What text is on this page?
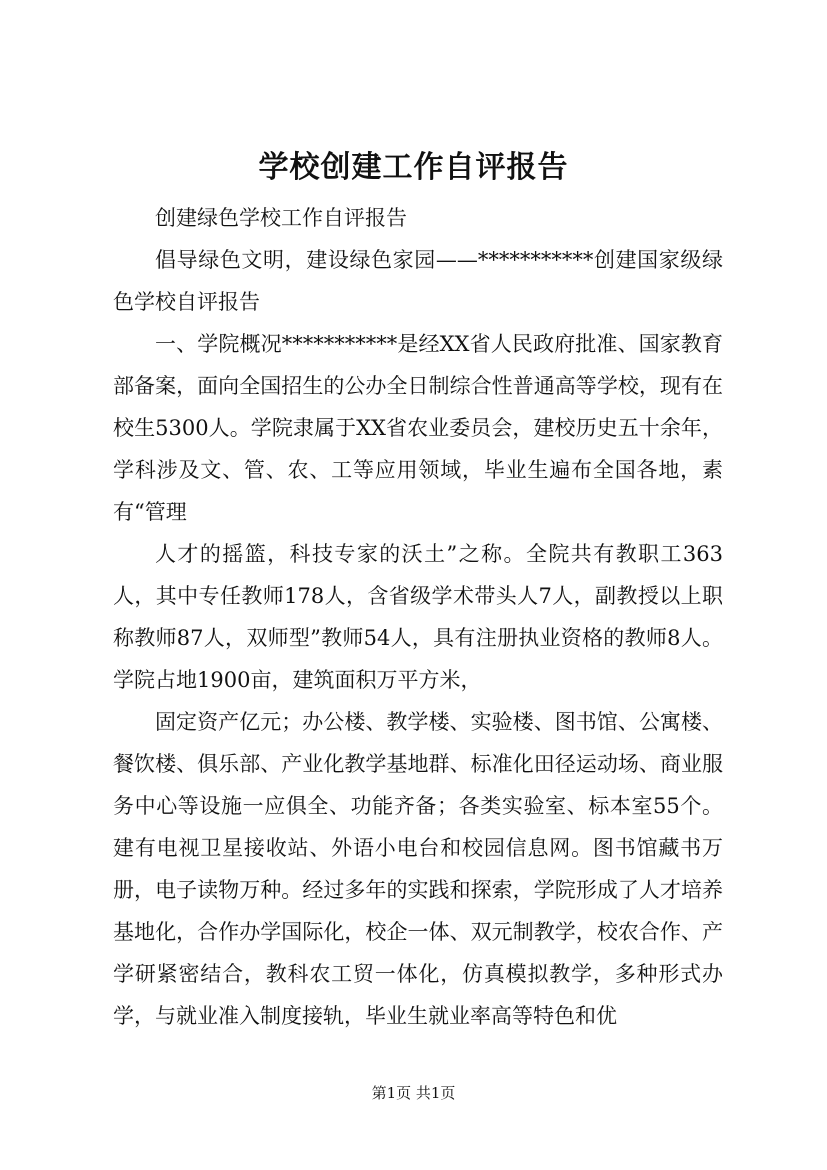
学校创建工作自评报告

创建绿色学校工作自评报告

倡导绿色文明，建设绿色家园——***********创建国家级绿色学校自评报告

一、学院概况***********是经XX省人民政府批准、国家教育部备案，面向全国招生的公办全日制综合性普通高等学校，现有在校生5300人。学院隶属于XX省农业委员会，建校历史五十余年，学科涉及文、管、农、工等应用领域，毕业生遍布全国各地，素有“管理

人才的摇篮，科技专家的沃土”之称。全院共有教职工363人，其中专任教师178人，含省级学术带头人7人，副教授以上职称教师87人，双师型”教师54人，具有注册执业资格的教师8人。学院占地1900亩，建筑面积万平方米，

固定资产亿元；办公楼、教学楼、实验楼、图书馆、公寓楼、餐饮楼、俱乐部、产业化教学基地群、标准化田径运动场、商业服务中心等设施一应俱全、功能齐备；各类实验室、标本室55个。建有电视卫星接收站、外语小电台和校园信息网。图书馆藏书万册，电子读物万种。经过多年的实践和探索，学院形成了人才培养基地化，合作办学国际化，校企一体、双元制教学，校农合作、产学研紧密结合，教科农工贸一体化，仿真模拟教学，多种形式办学，与就业准入制度接轨，毕业生就业率高等特色和优

第1页 共1页
